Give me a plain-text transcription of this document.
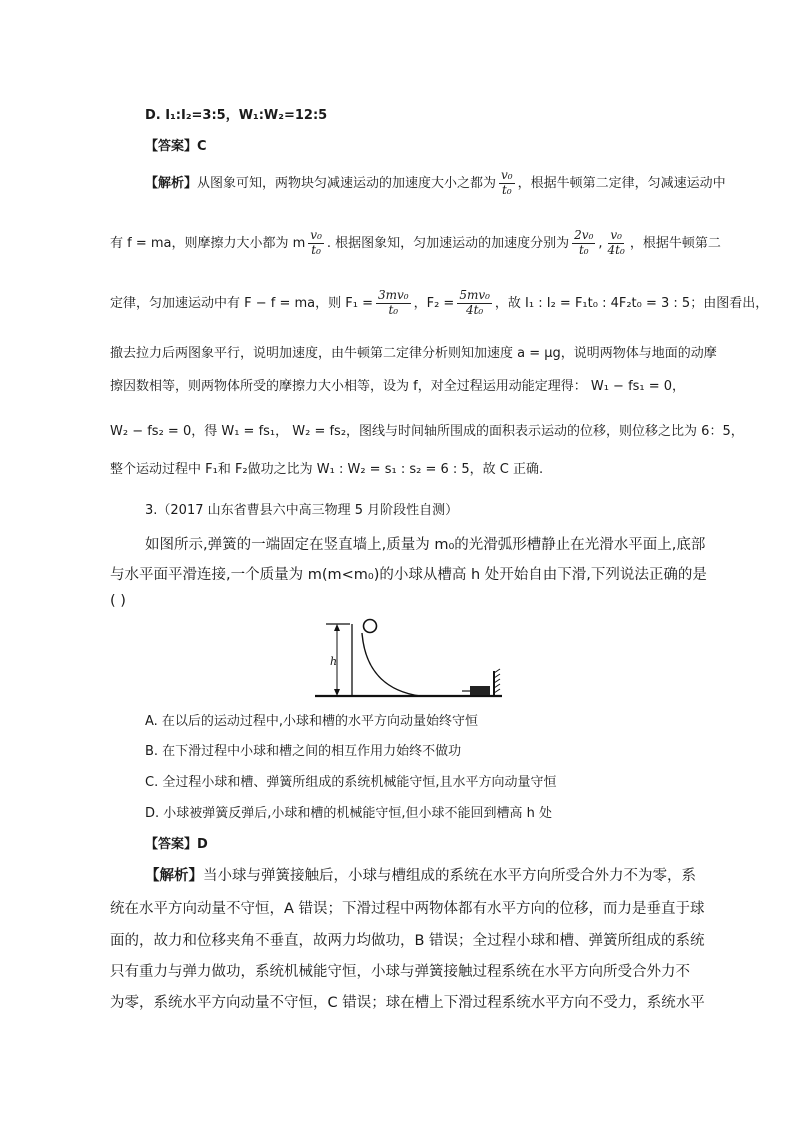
D. I₁:I₂=3:5，W₁:W₂=12:5
【答案】C
【解析】从图象可知，两物块匀减速运动的加速度大小之都为 $\frac{\text{v₀}}{\text{t₀}}$ ，根据牛顿第二定律，匀减速运动中
有 f = ma，则摩擦力大小都为 m $\frac{\text{v₀}}{\text{t₀}}$ . 根据图象知，匀加速运动的加速度分别为 $\frac{\text{2v₀}}{\text{t₀}}$ , $\frac{\text{v₀}}{\text{4t₀}}$ ，根据牛顿第二
定律，匀加速运动中有 F − f = ma，则 $F_1 = \frac{\text{3mv₀}}{\text{t₀}}$ ，$F_2 = \frac{\text{5mv₀}}{\text{4t₀}}$ ，故 I₁ : I₂ = F₁t₀ : 4F₂t₀ = 3 : 5；由图看出，
撤去拉力后两图象平行，说明加速度，由牛顿第二定律分析则知加速度 a = μg，说明两物体与地面的动摩
擦因数相等，则两物体所受的摩擦力大小相等，设为 f，对全过程运用动能定理得： W₁ − fs₁ = 0，
W₂ − fs₂ = 0，得 W₁ = fs₁， W₂ = fs₂，图线与时间轴所围成的面积表示运动的位移，则位移之比为 6：5，
整个运动过程中 F₁和 F₂做功之比为 W₁ : W₂ = s₁ : s₂ = 6 : 5，故 C 正确.
3.（2017 山东省曹县六中高三物理 5 月阶段性自测）
如图所示,弹簧的一端固定在竖直墙上,质量为 m₀的光滑弧形槽静止在光滑水平面上,底部
与水平面平滑连接,一个质量为 m(m<m₀)的小球从槽高 h 处开始自由下滑,下列说法正确的是
( )
h
A. 在以后的运动过程中,小球和槽的水平方向动量始终守恒
B. 在下滑过程中小球和槽之间的相互作用力始终不做功
C. 全过程小球和槽、弹簧所组成的系统机械能守恒,且水平方向动量守恒
D. 小球被弹簧反弹后,小球和槽的机械能守恒,但小球不能回到槽高 h 处
【答案】D
【解析】当小球与弹簧接触后，小球与槽组成的系统在水平方向所受合外力不为零，系
统在水平方向动量不守恒，A 错误；下滑过程中两物体都有水平方向的位移，而力是垂直于球
面的，故力和位移夹角不垂直，故两力均做功，B 错误；全过程小球和槽、弹簧所组成的系统
只有重力与弹力做功，系统机械能守恒，小球与弹簧接触过程系统在水平方向所受合外力不
为零，系统水平方向动量不守恒，C 错误；球在槽上下滑过程系统水平方向不受力，系统水平
